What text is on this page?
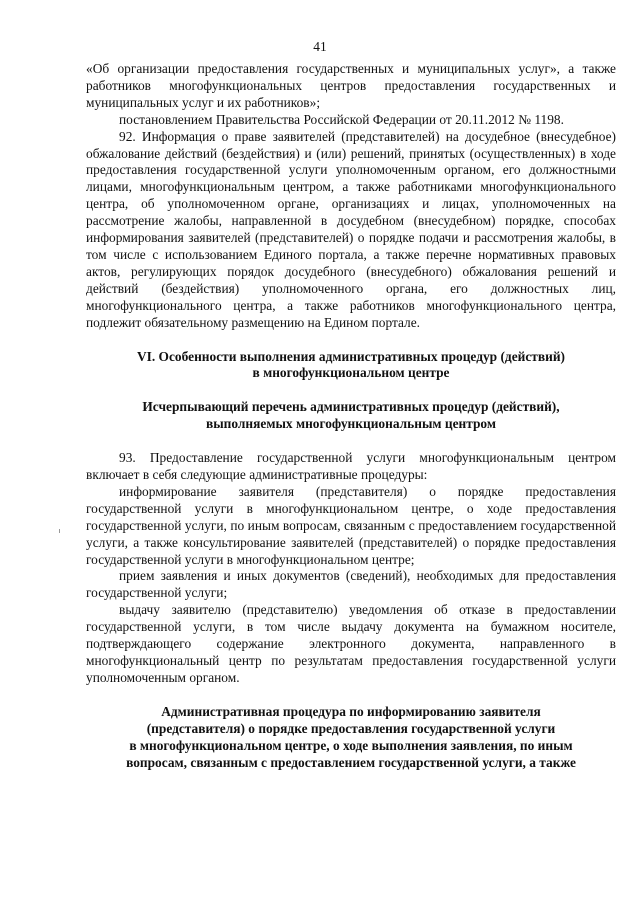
41

«Об организации предоставления государственных и муниципальных услуг», а также работников многофункциональных центров предоставления государственных и муниципальных услуг и их работников»;

постановлением Правительства Российской Федерации от 20.11.2012 № 1198.

92. Информация о праве заявителей (представителей) на досудебное (внесудебное) обжалование действий (бездействия) и (или) решений, принятых (осуществленных) в ходе предоставления государственной услуги уполномоченным органом, его должностными лицами, многофункциональным центром, а также работниками многофункционального центра, об уполномоченном органе, организациях и лицах, уполномоченных на рассмотрение жалобы, направленной в досудебном (внесудебном) порядке, способах информирования заявителей (представителей) о порядке подачи и рассмотрения жалобы, в том числе с использованием Единого портала, а также перечне нормативных правовых актов, регулирующих порядок досудебного (внесудебного) обжалования решений и действий (бездействия) уполномоченного органа, его должностных лиц, многофункционального центра, а также работников многофункционального центра, подлежит обязательному размещению на Едином портале.

VI. Особенности выполнения административных процедур (действий)
в многофункциональном центре
Исчерпывающий перечень административных процедур (действий),
выполняемых многофункциональным центром

93. Предоставление государственной услуги многофункциональным центром включает в себя следующие административные процедуры:

информирование заявителя (представителя) о порядке предоставления государственной услуги в многофункциональном центре, о ходе предоставления государственной услуги, по иным вопросам, связанным с предоставлением государственной услуги, а также консультирование заявителей (представителей) о порядке предоставления государственной услуги в многофункциональном центре;

прием заявления и иных документов (сведений), необходимых для предоставления государственной услуги;

выдачу заявителю (представителю) уведомления об отказе в предоставлении государственной услуги, в том числе выдачу документа на бумажном носителе, подтверждающего содержание электронного документа, направленного в многофункциональный центр по результатам предоставления государственной услуги уполномоченным органом.

Административная процедура по информированию заявителя
(представителя) о порядке предоставления государственной услуги
в многофункциональном центре, о ходе выполнения заявления, по иным
вопросам, связанным с предоставлением государственной услуги, а также
